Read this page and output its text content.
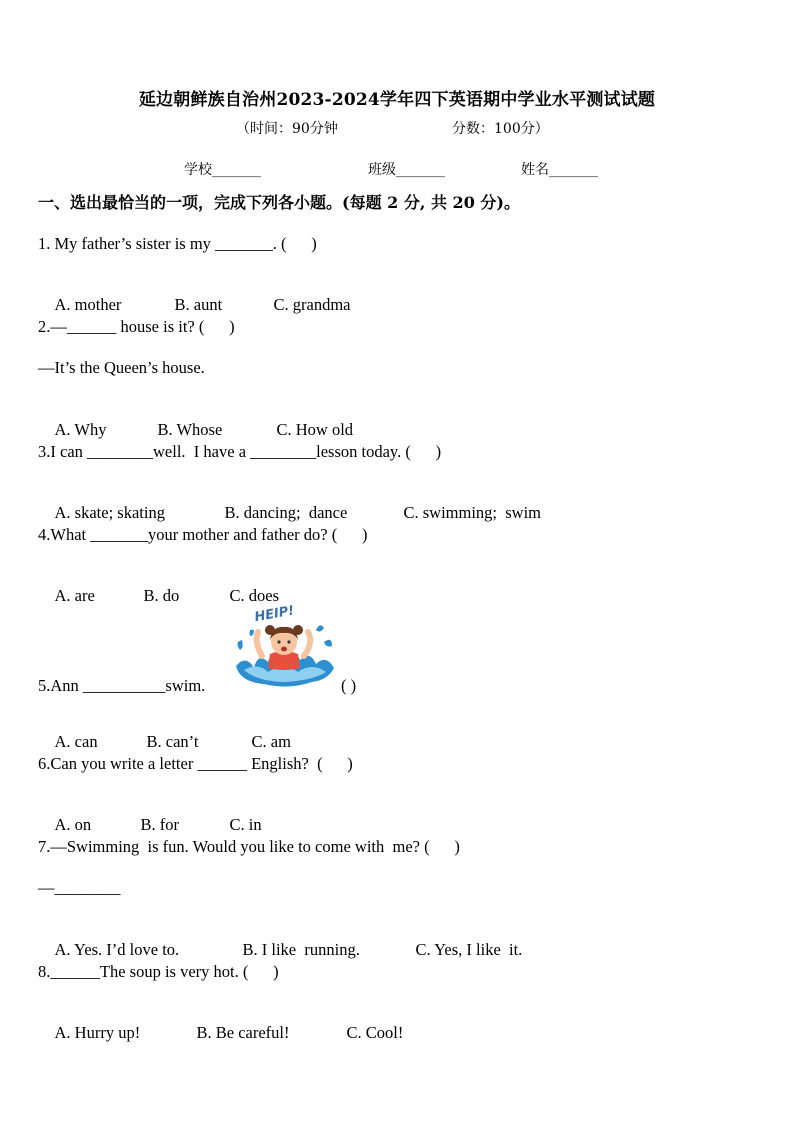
延边朝鲜族自治州2023-2024学年四下英语期中学业水平测试试题
（时间：90分钟	分数：100分）
学校_______	班级_______	姓名_______
一、选出最恰当的一项，完成下列各小题。(每题 2 分, 共 20 分)。
1. My father’s sister is my _______. (      )

A. mother	B. aunt	C. grandma

2.—______ house is it? (      )
—It’s the Queen’s house.

A. Why	B. Whose	C. How old

3.I can ________well.  I have a ________lesson today. (      )

A. skate; skating	B. dancing;  dance	C. swimming;  swim

4.What _______your mother and father do? (      )

A. are	B. do	C. does

HEIP!
5.Ann __________swim.	( )

A. can	B. can’t	C. am

6.Can you write a letter ______ English?  (      )

A. on	B. for	C. in

7.—Swimming  is fun. Would you like to come with  me? (      )
—________

A. Yes. I’d love to.	B. I like  running.	C. Yes, I like  it.

8.______The soup is very hot. (      )

A. Hurry up!	B. Be careful!	C. Cool!
